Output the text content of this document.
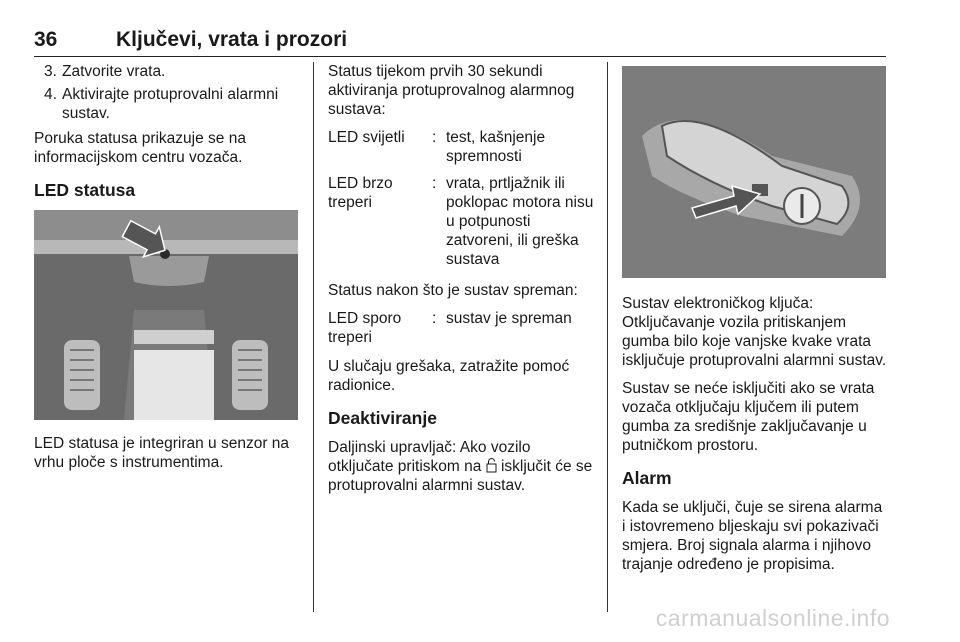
36	Ključevi, vrata i prozori
3. Zatvorite vrata.
4. Aktivirajte protuprovalni alarmni sustav.

Poruka statusa prikazuje se na informacijskom centru vozača.

LED statusa

LED statusa je integriran u senzor na vrhu ploče s instrumentima.

Status tijekom prvih 30 sekundi aktiviranja protuprovalnog alarmnog sustava:

LED svijetli	: test, kašnjenje spremnosti
LED brzo treperi
: vrata, prtljažnik ili poklopac motora nisu u potpunosti zatvoreni, ili greška sustava

Status nakon što je sustav spreman:

LED sporo treperi
: sustav je spreman

U slučaju grešaka, zatražite pomoć radionice.

Deaktiviranje

Daljinski upravljač: Ako vozilo otključate pritiskom na isključit će se protuprovalni alarmni sustav.

Sustav elektroničkog ključa: Otključavanje vozila pritiskanjem gumba bilo koje vanjske kvake vrata isključuje protuprovalni alarmni sustav.

Sustav se neće isključiti ako se vrata vozača otključaju ključem ili putem gumba za središnje zaključavanje u putničkom prostoru.

Alarm

Kada se uključi, čuje se sirena alarma i istovremeno bljeskaju svi pokazivači smjera. Broj signala alarma i njihovo trajanje određeno je propisima.

carmanualsonline.info
